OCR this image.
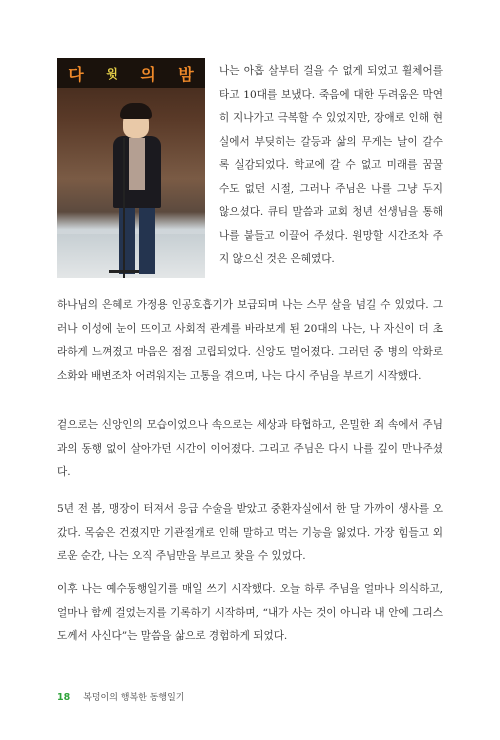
다 윗 의 밤 나는 아홉 살부터 걸을 수 없게 되었고 휠체어를 타고 10대를 보냈다. 죽음에 대한 두려움은 막연히 지나가고 극복할 수 있었지만, 장애로 인해 현실에서 부딪히는 갈등과 삶의 무게는 날이 갈수록 실감되었다. 학교에 갈 수 없고 미래를 꿈꿀 수도 없던 시절, 그러나 주님은 나를 그냥 두지 않으셨다. 큐티 말씀과 교회 청년 선생님을 통해 나를 붙들고 이끌어 주셨다. 원망할 시간조차 주지 않으신 것은 은혜였다.

하나님의 은혜로 가정용 인공호흡기가 보급되며 나는 스무 살을 넘길 수 있었다. 그러나 이성에 눈이 뜨이고 사회적 관계를 바라보게 된 20대의 나는, 나 자신이 더 초라하게 느껴졌고 마음은 점점 고립되었다. 신앙도 멀어졌다. 그러던 중 병의 악화로 소화와 배변조차 어려워지는 고통을 겪으며, 나는 다시 주님을 부르기 시작했다.

겉으로는 신앙인의 모습이었으나 속으로는 세상과 타협하고, 은밀한 죄 속에서 주님과의 동행 없이 살아가던 시간이 이어졌다. 그리고 주님은 다시 나를 깊이 만나주셨다.

5년 전 봄, 맹장이 터져서 응급 수술을 받았고 중환자실에서 한 달 가까이 생사를 오갔다. 목숨은 건졌지만 기관절개로 인해 말하고 먹는 기능을 잃었다. 가장 힘들고 외로운 순간, 나는 오직 주님만을 부르고 찾을 수 있었다.

이후 나는 예수동행일기를 매일 쓰기 시작했다. 오늘 하루 주님을 얼마나 의식하고, 얼마나 함께 걸었는지를 기록하기 시작하며, “내가 사는 것이 아니라 내 안에 그리스도께서 사신다”는 말씀을 삶으로 경험하게 되었다.

18 복덩이의 행복한 동행일기
